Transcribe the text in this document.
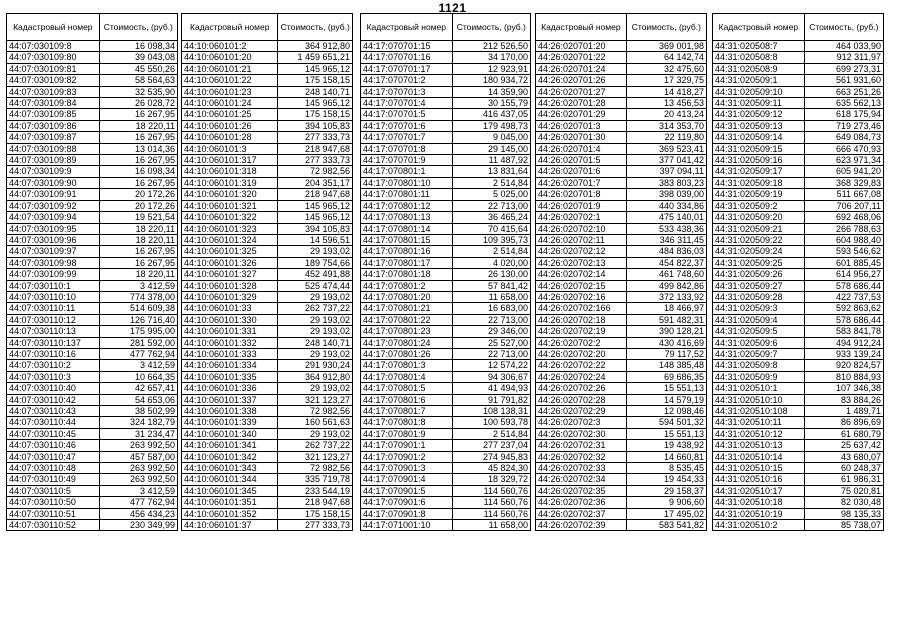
1121
Кадастровый номер	Стоимость, (руб.)
44:07:030109:8	16 098,34
44:07:030109:80	39 043,08
44:07:030109:81	45 550,26
44:07:030109:82	58 564,63
44:07:030109:83	32 535,90
44:07:030109:84	26 028,72
44:07:030109:85	16 267,95
44:07:030109:86	18 220,11
44:07:030109:87	16 267,95
44:07:030109:88	13 014,36
44:07:030109:89	16 267,95
44:07:030109:9	16 098,34
44:07:030109:90	16 267,95
44:07:030109:91	20 172,26
44:07:030109:92	20 172,26
44:07:030109:94	19 521,54
44:07:030109:95	18 220,11
44:07:030109:96	18 220,11
44:07:030109:97	16 267,95
44:07:030109:98	16 267,95
44:07:030109:99	18 220,11
44:07:030110:1	3 412,59
44:07:030110:10	774 378,00
44:07:030110:11	514 609,38
44:07:030110:12	126 716,40
44:07:030110:13	175 995,00
44:07:030110:137	281 592,00
44:07:030110:16	477 762,94
44:07:030110:2	3 412,59
44:07:030110:3	10 664,35
44:07:030110:40	42 657,41
44:07:030110:42	54 653,06
44:07:030110:43	38 502,99
44:07:030110:44	324 182,79
44:07:030110:45	31 234,47
44:07:030110:46	263 992,50
44:07:030110:47	457 587,00
44:07:030110:48	263 992,50
44:07:030110:49	263 992,50
44:07:030110:5	3 412,59
44:07:030110:50	477 762,94
44:07:030110:51	456 434,23
44:07:030110:52	230 349,99
Кадастровый номер	Стоимость, (руб.)
44:10:060101:2	364 912,80
44:10:060101:20	1 459 651,21
44:10:060101:21	145 965,12
44:10:060101:22	175 158,15
44:10:060101:23	248 140,71
44:10:060101:24	145 965,12
44:10:060101:25	175 158,15
44:10:060101:26	394 105,83
44:10:060101:28	277 333,73
44:10:060101:3	218 947,68
44:10:060101:317	277 333,73
44:10:060101:318	72 982,56
44:10:060101:319	204 351,17
44:10:060101:320	218 947,68
44:10:060101:321	145 965,12
44:10:060101:322	145 965,12
44:10:060101:323	394 105,83
44:10:060101:324	14 596,51
44:10:060101:325	29 193,02
44:10:060101:326	189 754,66
44:10:060101:327	452 491,88
44:10:060101:328	525 474,44
44:10:060101:329	29 193,02
44:10:060101:33	262 737,22
44:10:060101:330	29 193,02
44:10:060101:331	29 193,02
44:10:060101:332	248 140,71
44:10:060101:333	29 193,02
44:10:060101:334	291 930,24
44:10:060101:335	364 912,80
44:10:060101:336	29 193,02
44:10:060101:337	321 123,27
44:10:060101:338	72 982,56
44:10:060101:339	160 561,63
44:10:060101:340	29 193,02
44:10:060101:341	262 737,22
44:10:060101:342	321 123,27
44:10:060101:343	72 982,56
44:10:060101:344	335 719,78
44:10:060101:345	233 544,19
44:10:060101:351	218 947,68
44:10:060101:352	175 158,15
44:10:060101:37	277 333,73
Кадастровый номер	Стоимость, (руб.)
44:17:070701:15	212 526,50
44:17:070701:16	34 170,00
44:17:070701:17	12 923,91
44:17:070701:2	180 934,72
44:17:070701:3	14 359,90
44:17:070701:4	30 155,79
44:17:070701:5	416 437,05
44:17:070701:6	179 498,73
44:17:070701:7	9 045,00
44:17:070701:8	29 145,00
44:17:070701:9	11 487,92
44:17:070801:1	13 831,64
44:17:070801:10	2 514,84
44:17:070801:11	5 025,00
44:17:070801:12	22 713,00
44:17:070801:13	36 465,24
44:17:070801:14	70 415,64
44:17:070801:15	109 395,73
44:17:070801:16	2 514,84
44:17:070801:17	4 020,00
44:17:070801:18	26 130,00
44:17:070801:2	57 841,42
44:17:070801:20	11 658,00
44:17:070801:21	16 683,00
44:17:070801:22	22 713,00
44:17:070801:23	29 346,00
44:17:070801:24	25 527,00
44:17:070801:26	22 713,00
44:17:070801:3	12 574,22
44:17:070801:4	94 306,67
44:17:070801:5	41 494,93
44:17:070801:6	91 791,82
44:17:070801:7	108 138,31
44:17:070801:8	100 593,78
44:17:070801:9	2 514,84
44:17:070901:1	277 237,04
44:17:070901:2	274 945,83
44:17:070901:3	45 824,30
44:17:070901:4	18 329,72
44:17:070901:5	114 560,76
44:17:070901:6	114 560,76
44:17:070901:8	114 560,76
44:17:071001:10	11 658,00
Кадастровый номер	Стоимость, (руб.)
44:26:020701:20	369 001,98
44:26:020701:22	64 142,74
44:26:020701:24	32 475,60
44:26:020701:26	17 329,75
44:26:020701:27	14 418,27
44:26:020701:28	13 456,53
44:26:020701:29	20 413,24
44:26:020701:3	314 353,70
44:26:020701:30	22 119,80
44:26:020701:4	369 523,41
44:26:020701:5	377 041,42
44:26:020701:6	397 094,11
44:26:020701:7	383 803,23
44:26:020701:8	398 039,00
44:26:020701:9	440 334,86
44:26:020702:1	475 140,01
44:26:020702:10	533 438,36
44:26:020702:11	346 311,45
44:26:020702:12	484 836,03
44:26:020702:13	454 822,37
44:26:020702:14	461 748,60
44:26:020702:15	499 842,86
44:26:020702:16	372 133,92
44:26:020702:166	18 466,97
44:26:020702:18	591 482,31
44:26:020702:19	390 128,21
44:26:020702:2	430 416,69
44:26:020702:20	79 117,52
44:26:020702:22	148 385,48
44:26:020702:24	69 686,35
44:26:020702:26	15 551,13
44:26:020702:28	14 579,19
44:26:020702:29	12 098,46
44:26:020702:3	594 501,32
44:26:020702:30	15 551,13
44:26:020702:31	19 438,92
44:26:020702:32	14 660,81
44:26:020702:33	8 535,45
44:26:020702:34	19 454,33
44:26:020702:35	29 158,37
44:26:020702:36	9 906,60
44:26:020702:37	17 495,02
44:26:020702:39	583 541,82
Кадастровый номер	Стоимость, (руб.)
44:31:020508:7	464 033,90
44:31:020508:8	912 311,97
44:31:020508:9	699 273,31
44:31:020509:1	561 931,60
44:31:020509:10	663 251,26
44:31:020509:11	635 562,13
44:31:020509:12	618 175,94
44:31:020509:13	719 273,46
44:31:020509:14	649 084,73
44:31:020509:15	666 470,93
44:31:020509:16	623 971,34
44:31:020509:17	605 941,20
44:31:020509:18	368 329,83
44:31:020509:19	511 667,08
44:31:020509:2	706 207,11
44:31:020509:20	692 468,06
44:31:020509:21	266 788,63
44:31:020509:22	604 988,40
44:31:020509:24	593 546,62
44:31:020509:25	601 885,45
44:31:020509:26	614 956,27
44:31:020509:27	578 686,44
44:31:020509:28	422 737,53
44:31:020509:3	592 863,62
44:31:020509:4	578 686,44
44:31:020509:5	583 841,78
44:31:020509:6	494 912,24
44:31:020509:7	933 139,24
44:31:020509:8	920 824,57
44:31:020509:9	810 884,93
44:31:020510:1	107 346,38
44:31:020510:10	83 884,26
44:31:020510:108	1 489,71
44:31:020510:11	86 896,69
44:31:020510:12	61 680,79
44:31:020510:13	25 637,42
44:31:020510:14	43 680,07
44:31:020510:15	60 248,37
44:31:020510:16	61 986,31
44:31:020510:17	75 020,81
44:31:020510:18	82 030,48
44:31:020510:19	98 135,33
44:31:020510:2	85 738,07
